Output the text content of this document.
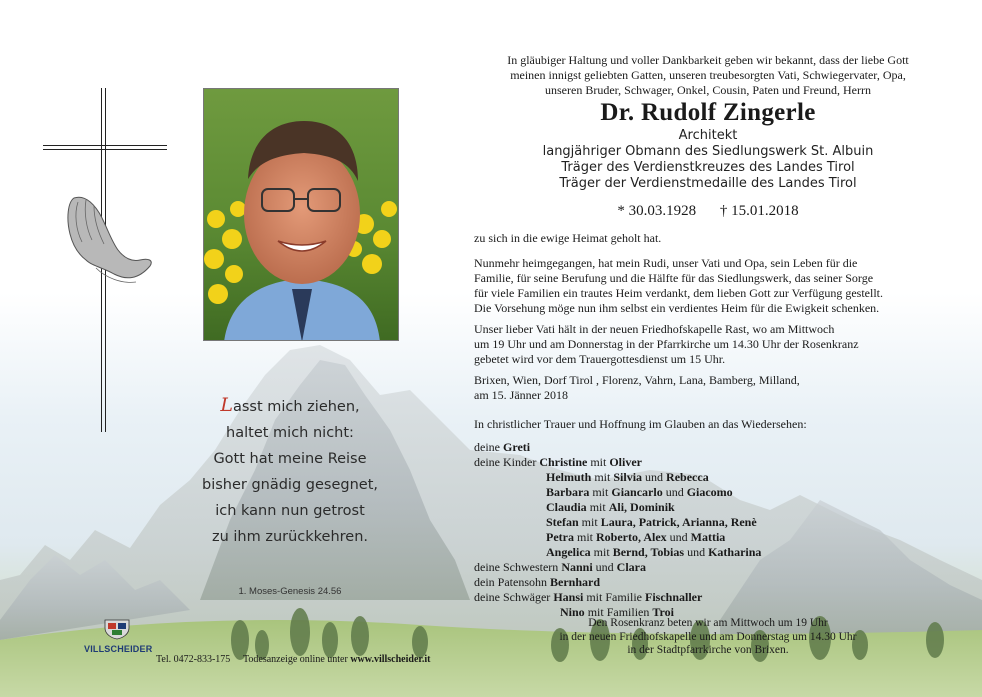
Lasst mich ziehen,
haltet mich nicht:
Gott hat meine Reise
bisher gnädig gesegnet,
ich kann nun getrost
zu ihm zurückkehren.
1. Moses-Genesis 24.56
VILLSCHEIDER
Tel. 0472-833-175 Todesanzeige online unter www.villscheider.it
In gläubiger Haltung und voller Dankbarkeit geben wir bekannt, dass der liebe Gott
meinen innigst geliebten Gatten, unseren treubesorgten Vati, Schwiegervater, Opa,
unseren Bruder, Schwager, Onkel, Cousin, Paten und Freund, Herrn
Dr. Rudolf Zingerle
Architekt
langjähriger Obmann des Siedlungswerk St. Albuin
Träger des Verdienstkreuzes des Landes Tirol
Träger der Verdienstmedaille des Landes Tirol
* 30.03.1928 † 15.01.2018
zu sich in die ewige Heimat geholt hat.
Nunmehr heimgegangen, hat mein Rudi, unser Vati und Opa, sein Leben für die
Familie, für seine Berufung und die Hälfte für das Siedlungswerk, das seiner Sorge
für viele Familien ein trautes Heim verdankt, dem lieben Gott zur Verfügung gestellt.
Die Vorsehung möge nun ihm selbst ein verdientes Heim für die Ewigkeit schenken.
Unser lieber Vati hält in der neuen Friedhofskapelle Rast, wo am Mittwoch
um 19 Uhr und am Donnerstag in der Pfarrkirche um 14.30 Uhr der Rosenkranz
gebetet wird vor dem Trauergottesdienst um 15 Uhr.
Brixen, Wien, Dorf Tirol , Florenz, Vahrn, Lana, Bamberg, Milland,
am 15. Jänner 2018
In christlicher Trauer und Hoffnung im Glauben an das Wiedersehen:
deine Greti
deine Kinder Christine mit Oliver
Helmuth mit Silvia und Rebecca
Barbara mit Giancarlo und Giacomo
Claudia mit Ali, Dominik
Stefan mit Laura, Patrick, Arianna, Renè
Petra mit Roberto, Alex und Mattia
Angelica mit Bernd, Tobias und Katharina
deine Schwestern Nanni und Clara
dein Patensohn Bernhard
deine Schwäger Hansi mit Familie Fischnaller
Nino mit Familien Troi
Den Rosenkranz beten wir am Mittwoch um 19 Uhr
in der neuen Friedhofskapelle und am Donnerstag um 14.30 Uhr
in der Stadtpfarrkirche von Brixen.
